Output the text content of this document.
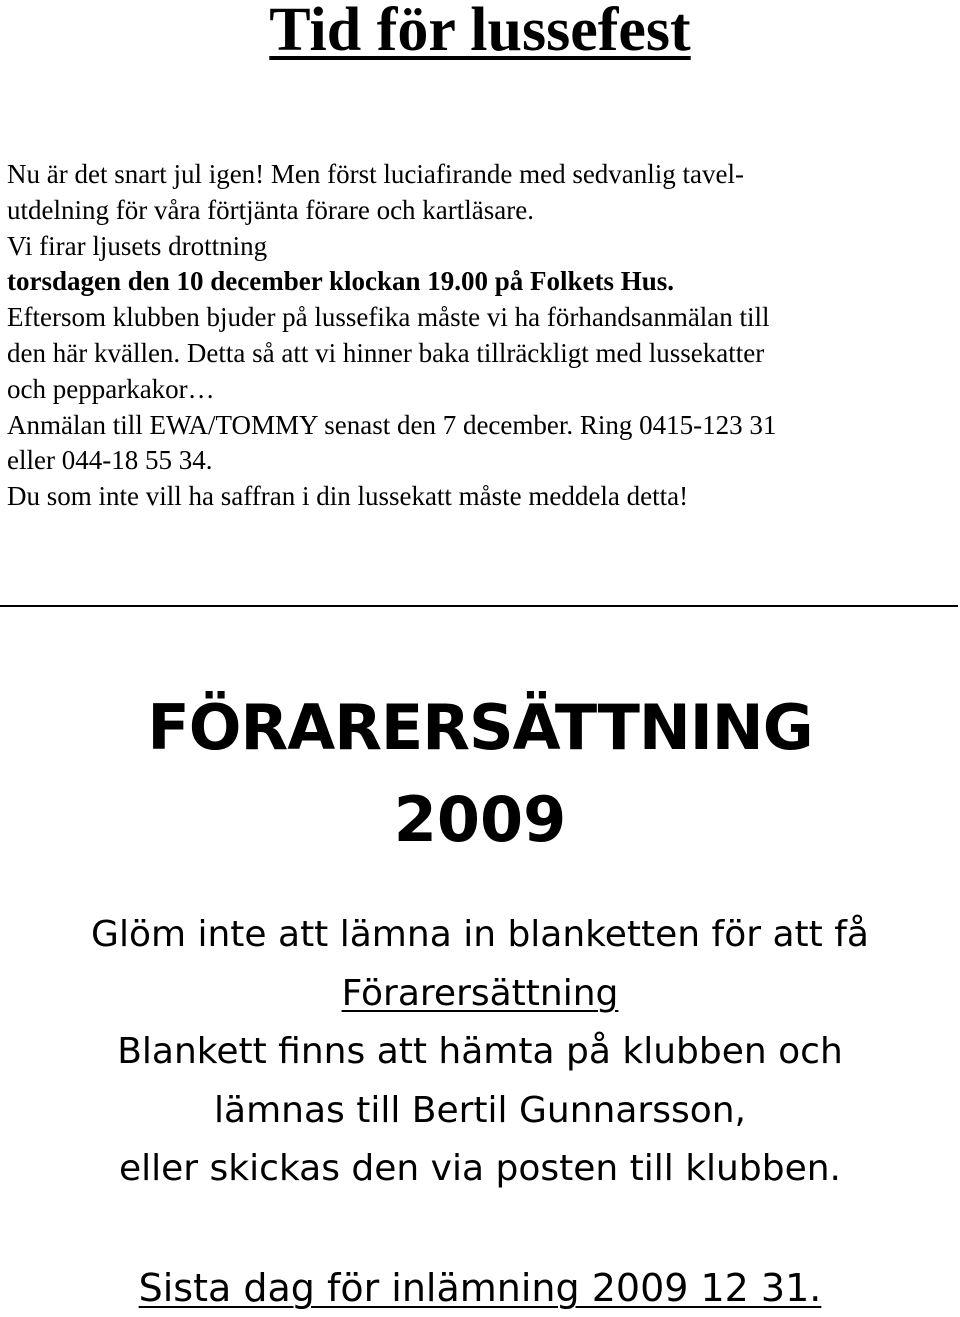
Tid för lussefest

Nu är det snart jul igen! Men först luciafirande med sedvanlig tavel-

utdelning för våra förtjänta förare och kartläsare.

Vi firar ljusets drottning

torsdagen den 10 december klockan 19.00 på Folkets Hus.

Eftersom klubben bjuder på lussefika måste vi ha förhandsanmälan till

den här kvällen. Detta så att vi hinner baka tillräckligt med lussekatter

och pepparkakor…

Anmälan till EWA/TOMMY senast den 7 december. Ring 0415-123 31

eller 044-18 55 34.

Du som inte vill ha saffran i din lussekatt måste meddela detta!

FÖRARERSÄTTNING
2009

Glöm inte att lämna in blanketten för att få

Förarersättning

Blankett finns att hämta på klubben och

lämnas till Bertil Gunnarsson,

eller skickas den via posten till klubben.

Sista dag för inlämning 2009 12 31.
